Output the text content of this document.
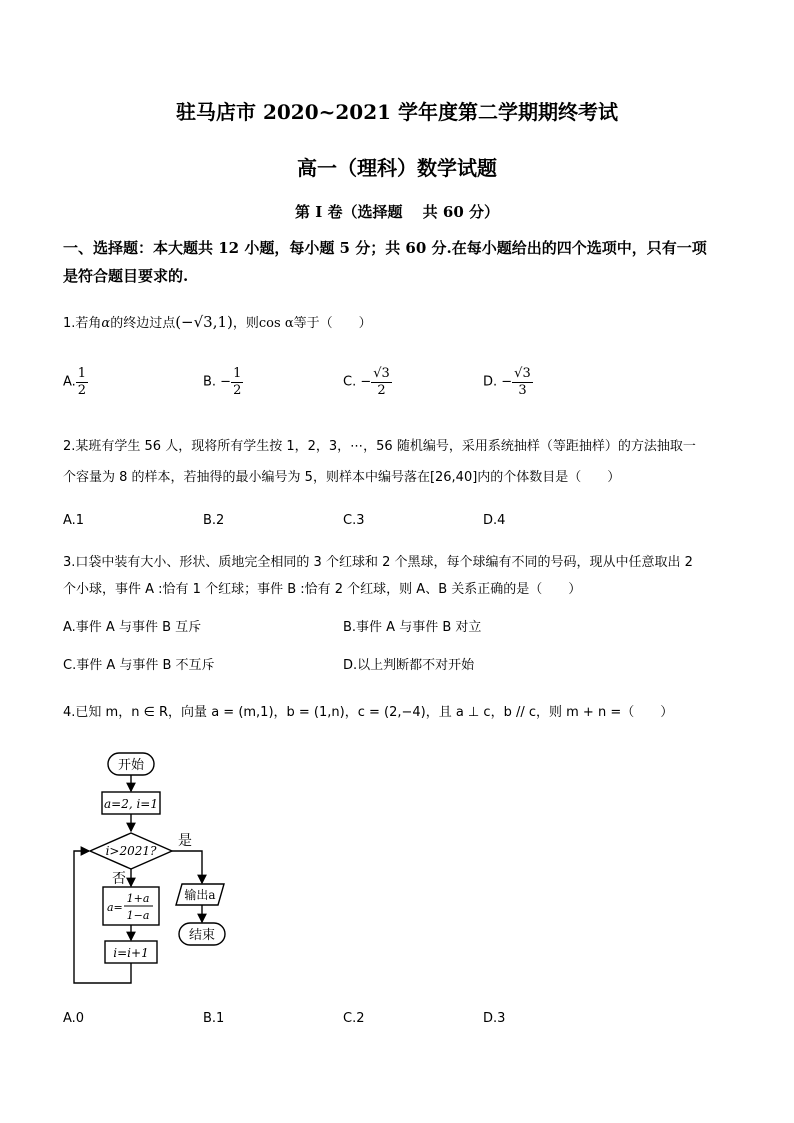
驻马店市 2020~2021 学年度第二学期期终考试
高一（理科）数学试题
第 I 卷（选择题　 共 60 分）
一、选择题：本大题共 12 小题，每小题 5 分；共 60 分.在每小题给出的四个选项中，只有一项
是符合题目要求的.
1.若角α的终边过点(−√3,1)，则cos α等于（　　）
A. $\frac{1}{2}$	B. − $\frac{1}{2}$	C. − $\frac{√3}{2}$	D. − $\frac{√3}{3}$
2.某班有学生 56 人，现将所有学生按 1，2，3，⋯，56 随机编号，采用系统抽样（等距抽样）的方法抽取一
个容量为 8 的样本，若抽得的最小编号为 5，则样本中编号落在[26,40]内的个体数目是（　　）
A.1	B.2	C.3	D.4
3.口袋中装有大小、形状、质地完全相同的 3 个红球和 2 个黑球，每个球编有不同的号码，现从中任意取出 2
个小球，事件 A :恰有 1 个红球；事件 B :恰有 2 个红球，则 A、B 关系正确的是（　　）
A.事件 A 与事件 B 互斥	B.事件 A 与事件 B 对立
C.事件 A 与事件 B 不互斥	D.以上判断都不对开始
4.已知 m，n ∈ R，向量 a = (m,1)，b = (1,n)，c = (2,−4)，且 a ⊥ c，b // c，则 m + n =（　　）
开始
a=2, i=1
i>2021?
是
否
a=
1+a
1−a
i=i+1
输出a
结束
A.0	B.1	C.2	D.3
